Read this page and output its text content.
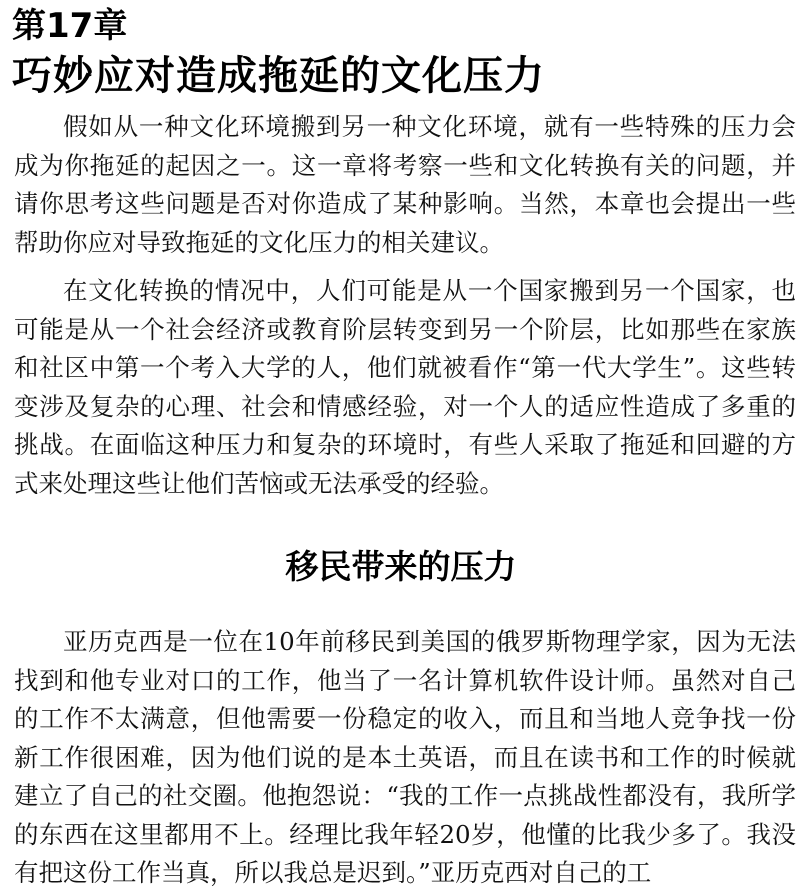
第17章
巧妙应对造成拖延的文化压力

假如从一种文化环境搬到另一种文化环境，就有一些特殊的压力会成为你拖延的起因之一。这一章将考察一些和文化转换有关的问题，并请你思考这些问题是否对你造成了某种影响。当然，本章也会提出一些帮助你应对导致拖延的文化压力的相关建议。

在文化转换的情况中，人们可能是从一个国家搬到另一个国家，也可能是从一个社会经济或教育阶层转变到另一个阶层，比如那些在家族和社区中第一个考入大学的人，他们就被看作“第一代大学生”。这些转变涉及复杂的心理、社会和情感经验，对一个人的适应性造成了多重的挑战。在面临这种压力和复杂的环境时，有些人采取了拖延和回避的方式来处理这些让他们苦恼或无法承受的经验。

移民带来的压力

亚历克西是一位在10年前移民到美国的俄罗斯物理学家，因为无法找到和他专业对口的工作，他当了一名计算机软件设计师。虽然对自己的工作不太满意，但他需要一份稳定的收入，而且和当地人竞争找一份新工作很困难，因为他们说的是本土英语，而且在读书和工作的时候就建立了自己的社交圈。他抱怨说：“我的工作一点挑战性都没有，我所学的东西在这里都用不上。经理比我年轻20岁，他懂的比我少多了。我没有把这份工作当真，所以我总是迟到。”亚历克西对自己的工
